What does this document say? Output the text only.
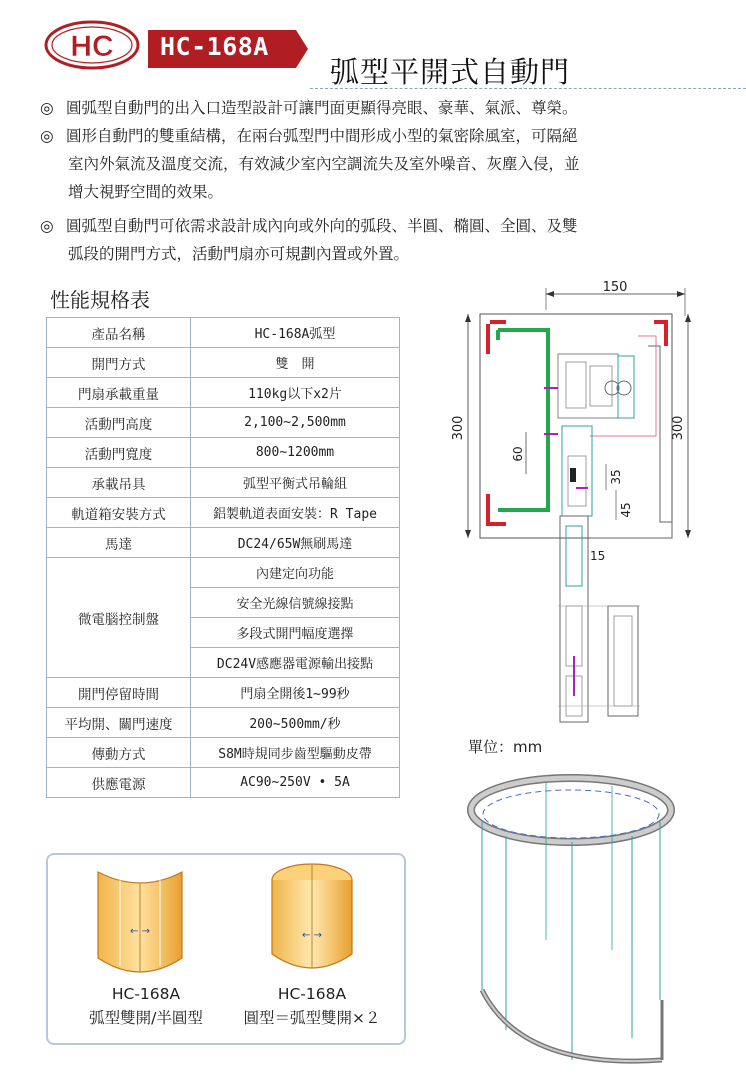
HC HC-168A
弧型平開式自動門
◎ 圓弧型自動門的出入口造型設計可讓門面更顯得亮眼、豪華、氣派、尊榮。
◎ 圓形自動門的雙重結構，在兩台弧型門中間形成小型的氣密除風室，可隔絕
室內外氣流及溫度交流，有效減少室內空調流失及室外噪音、灰塵入侵，並
增大視野空間的效果。
◎ 圓弧型自動門可依需求設計成內向或外向的弧段、半圓、橢圓、全圓、及雙
弧段的開門方式，活動門扇亦可規劃內置或外置。
性能規格表
產品名稱	HC-168A弧型
開門方式	雙　開
門扇承載重量	110kg以下x2片
活動門高度	2,100~2,500mm
活動門寬度	800~1200mm
承載吊具	弧型平衡式吊輪組
軌道箱安裝方式	鋁製軌道表面安裝：R Tape
馬達	DC24/65W無刷馬達
微電腦控制盤	內建定向功能
	安全光線信號線接點
	多段式開門幅度選擇
	DC24V感應器電源輸出接點
開門停留時間	門扇全開後1~99秒
平均開、關門速度	200~500mm/秒
傳動方式	S8M時規同步齒型驅動皮帶
供應電源	AC90~250V • 5A
150
300	300
60
35
45
15
單位：mm
← →	← →
HC-168A
弧型雙開/半圓型
HC-168A
圓型＝弧型雙開×２
